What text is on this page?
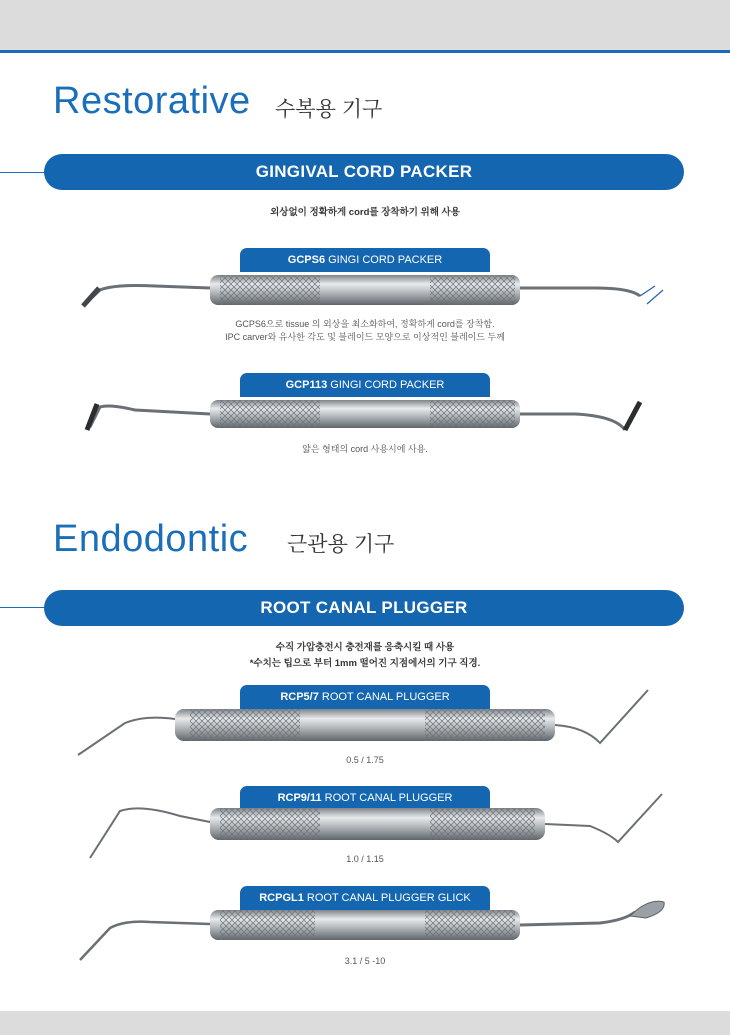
Restorative 수복용 기구
GINGIVAL CORD PACKER
외상없이 정확하게 cord를 장착하기 위해 사용
GCPS6 GINGI CORD PACKER
GCPS6으로 tissue 의 외상을 최소화하여, 정확하게 cord를 장착함.
IPC carver와 유사한 각도 및 블레이드 모양으로 이상적인 블레이드 두께
GCP113 GINGI CORD PACKER
얇은 형태의 cord 사용시에 사용.
Endodontic 근관용 기구
ROOT CANAL PLUGGER
수직 가압충전시 충전재를 응축시킬 때 사용
*수치는 팁으로 부터 1mm 떨어진 지점에서의 기구 직경.
RCP5/7 ROOT CANAL PLUGGER
0.5 / 1.75
RCP9/11 ROOT CANAL PLUGGER
1.0 / 1.15
RCPGL1 ROOT CANAL PLUGGER GLICK
3.1 / 5 -10
